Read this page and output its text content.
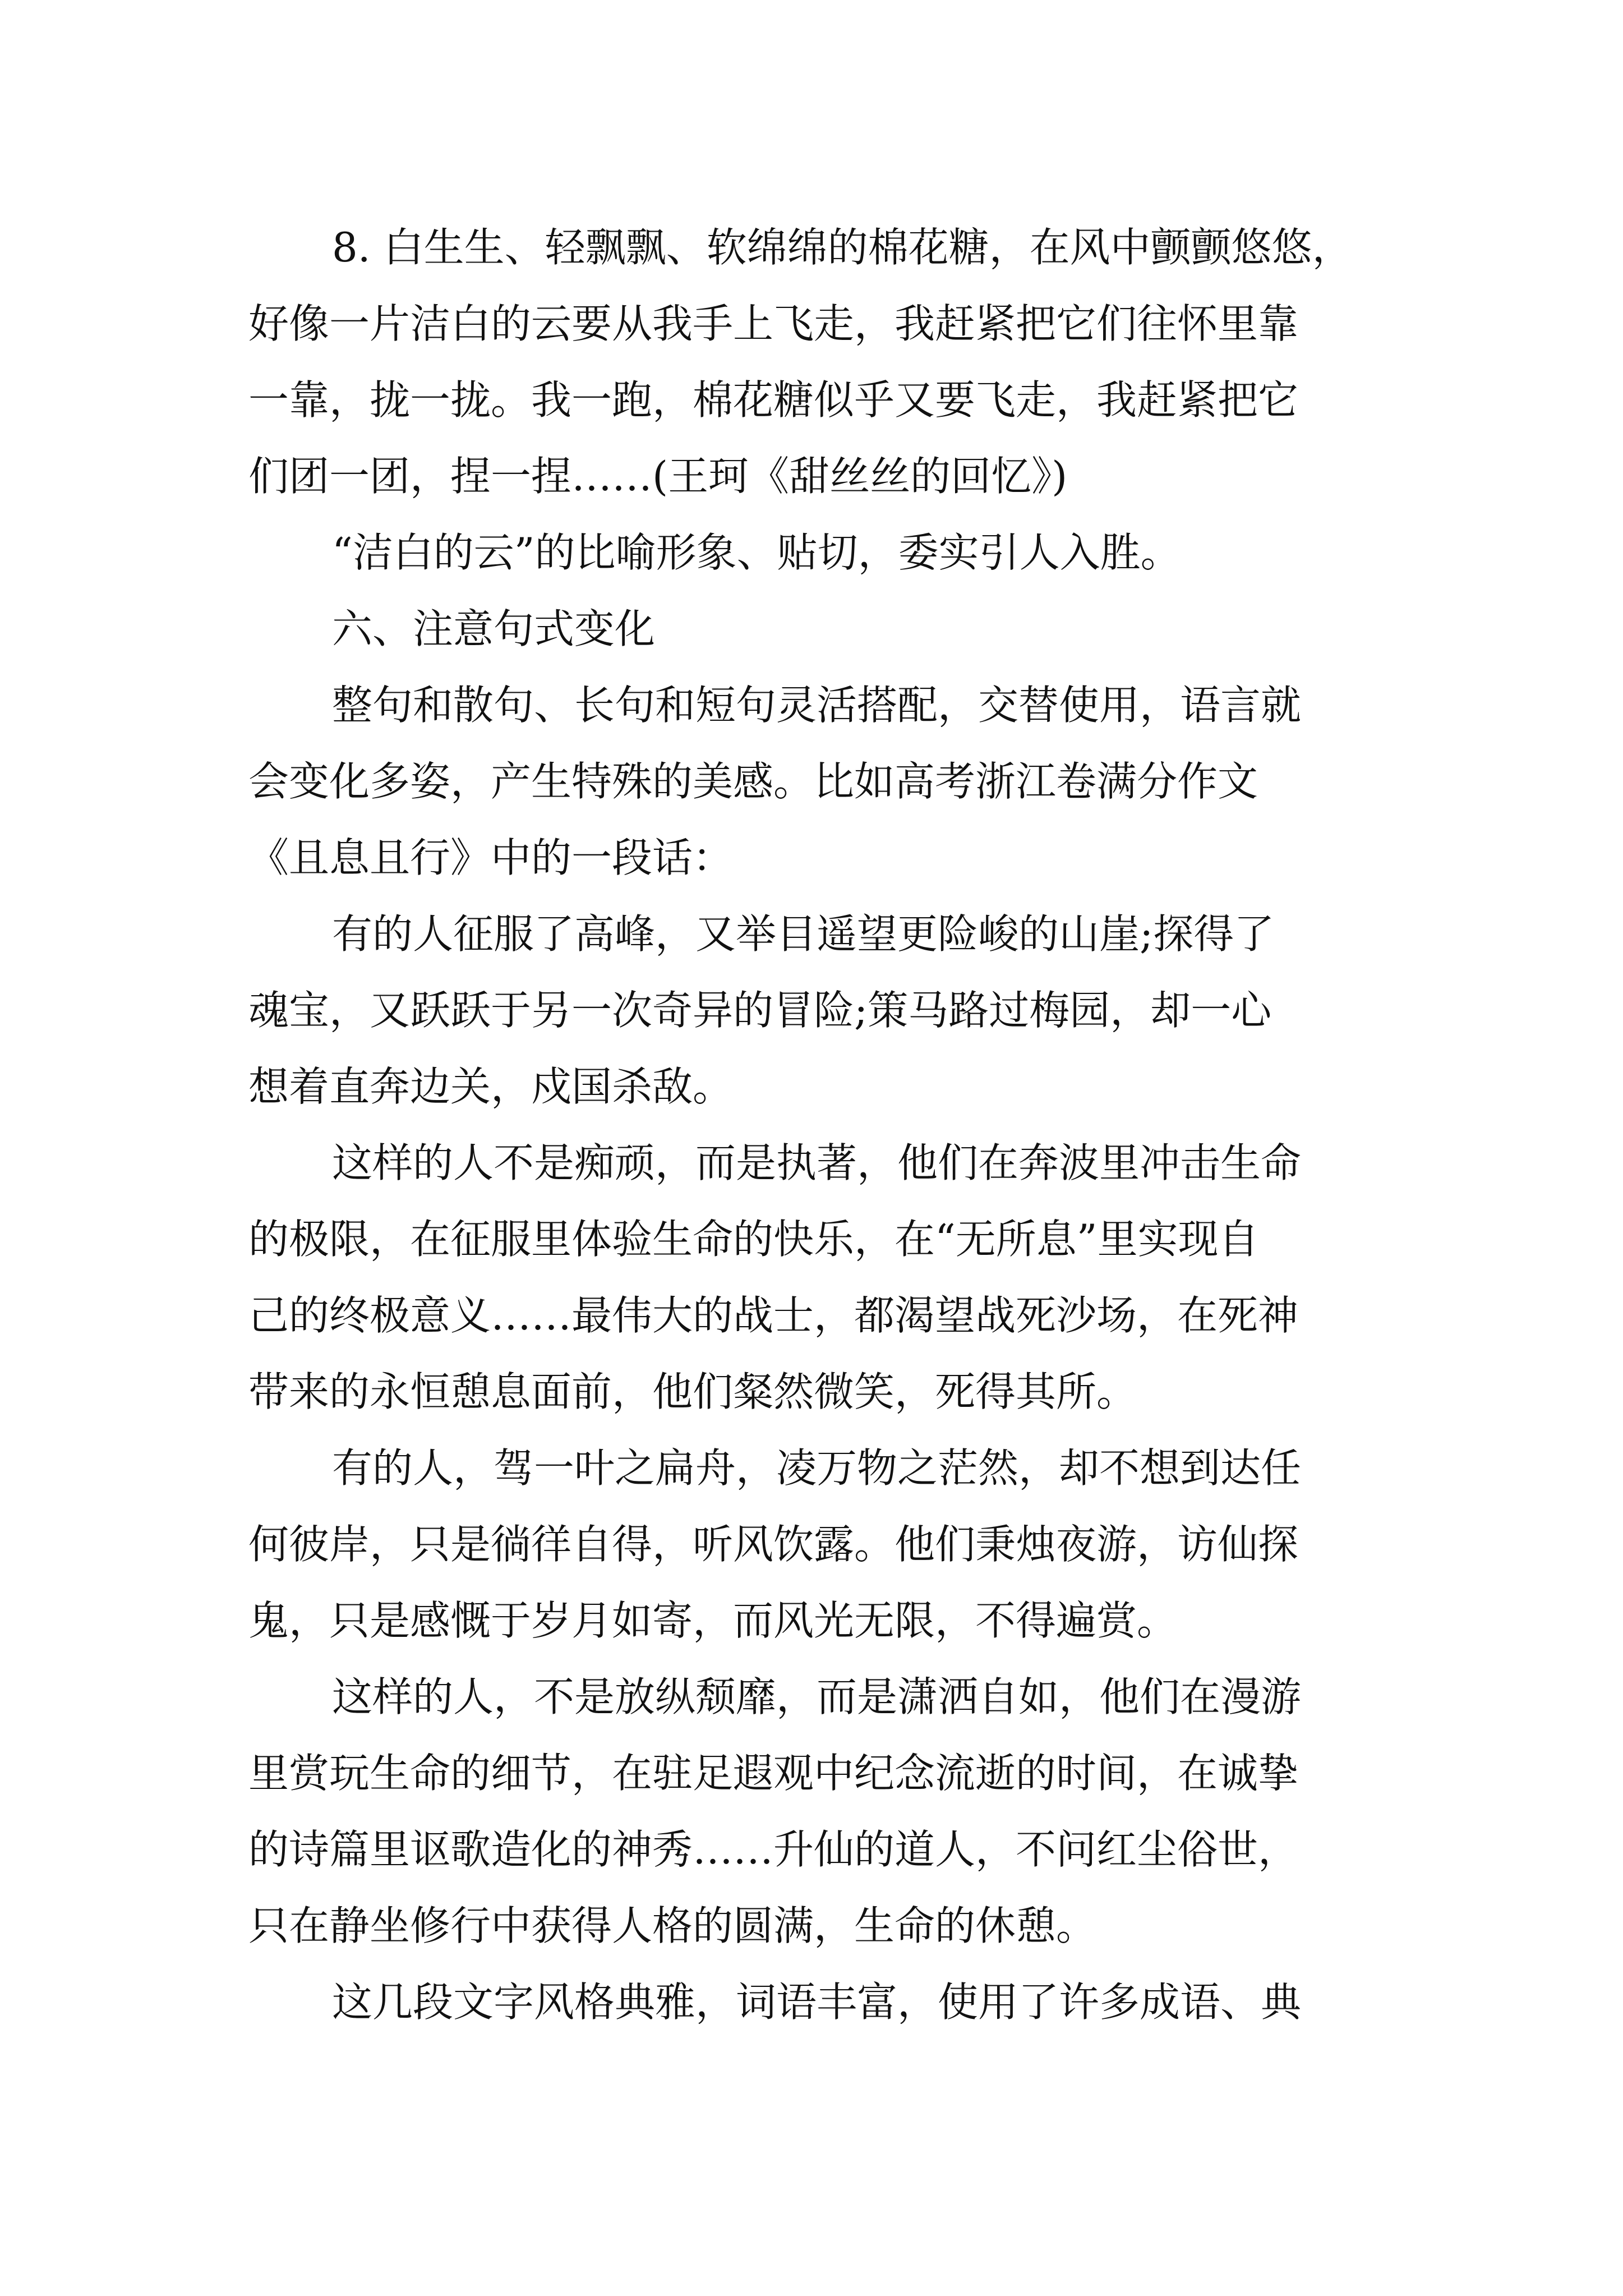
8. 白生生、轻飘飘、软绵绵的棉花糖，在风中颤颤悠悠，

好像一片洁白的云要从我手上飞走，我赶紧把它们往怀里靠

一靠，拢一拢。我一跑，棉花糖似乎又要飞走，我赶紧把它

们团一团，捏一捏……(王珂《甜丝丝的回忆》)

“洁白的云”的比喻形象、贴切，委实引人入胜。

六、注意句式变化

整句和散句、长句和短句灵活搭配，交替使用，语言就

会变化多姿，产生特殊的美感。比如高考浙江卷满分作文

《且息且行》中的一段话：

有的人征服了高峰，又举目遥望更险峻的山崖;探得了

魂宝，又跃跃于另一次奇异的冒险;策马路过梅园，却一心

想着直奔边关，戍国杀敌。

这样的人不是痴顽，而是执著，他们在奔波里冲击生命

的极限，在征服里体验生命的快乐，在“无所息”里实现自

己的终极意义……最伟大的战士，都渴望战死沙场，在死神

带来的永恒憩息面前，他们粲然微笑，死得其所。

有的人，驾一叶之扁舟，凌万物之茫然，却不想到达任

何彼岸，只是徜徉自得，听风饮露。他们秉烛夜游，访仙探

鬼，只是感慨于岁月如寄，而风光无限，不得遍赏。

这样的人，不是放纵颓靡，而是潇洒自如，他们在漫游

里赏玩生命的细节，在驻足遐观中纪念流逝的时间，在诚挚

的诗篇里讴歌造化的神秀……升仙的道人，不问红尘俗世，

只在静坐修行中获得人格的圆满，生命的休憩。

这几段文字风格典雅，词语丰富，使用了许多成语、典
